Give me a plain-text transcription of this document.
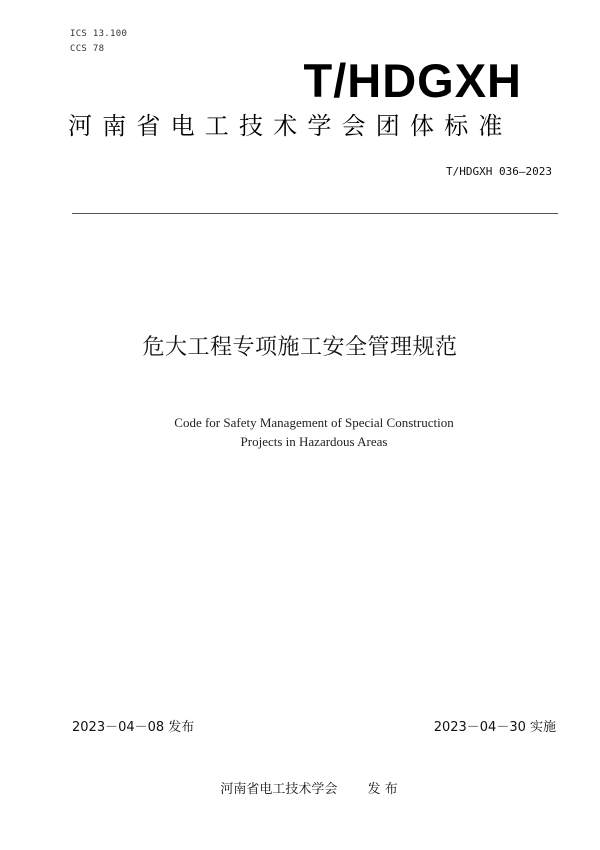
ICS 13.100
CCS 78
T/HDGXH
河南省电工技术学会团体标准
T/HDGXH 036—2023
危大工程专项施工安全管理规范
Code for Safety Management of Special Construction
Projects in Hazardous Areas
2023－04－08 发布	2023－04－30 实施
河南省电工技术学会 发 布
